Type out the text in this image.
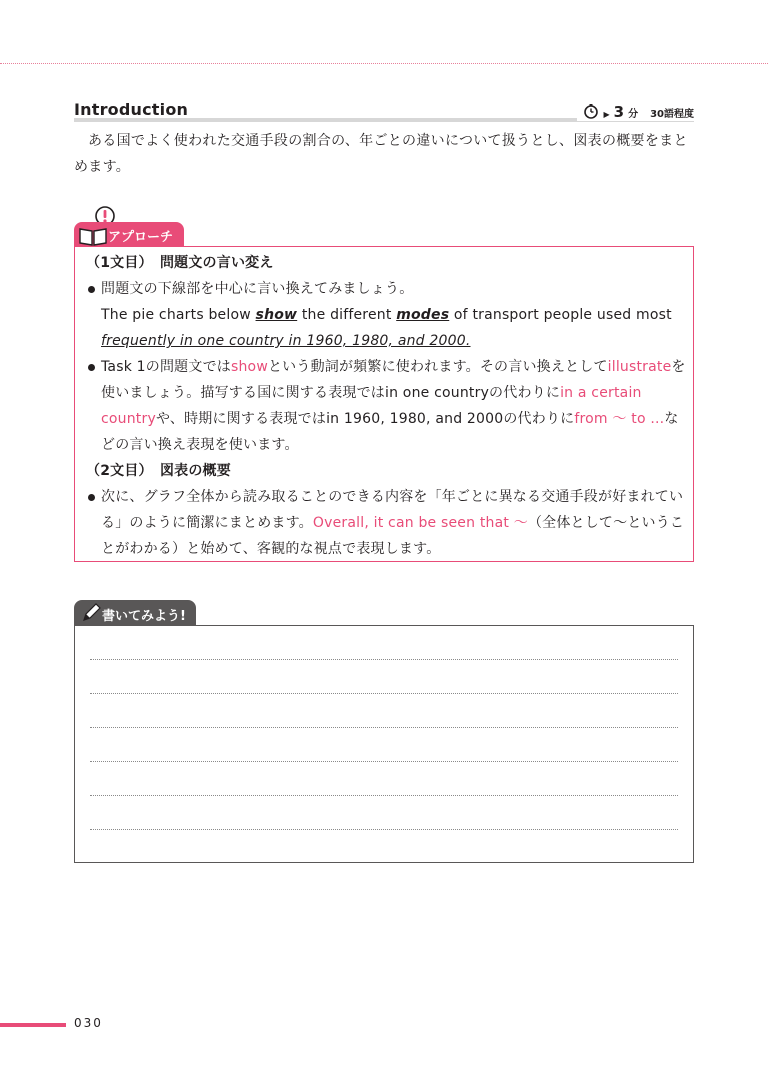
Introduction	▶ 3 分 30語程度
ある国でよく使われた交通手段の割合の、年ごとの違いについて扱うとし、図表の概要をまとめます。
アプローチ

（1文目）　問題文の言い変え

問題文の下線部を中心に言い換えてみましょう。

The pie charts below show the different modes of transport people used most frequently in one country in 1960, 1980, and 2000.

Task 1の問題文ではshowという動詞が頻繁に使われます。その言い換えとしてillustrateを使いましょう。描写する国に関する表現ではin one countryの代わりにin a certain countryや、時期に関する表現ではin 1960, 1980, and 2000の代わりにfrom ～ to ...などの言い換え表現を使います。

（2文目）　図表の概要

次に、グラフ全体から読み取ることのできる内容を「年ごとに異なる交通手段が好まれている」のように簡潔にまとめます。Overall, it can be seen that ～（全体として～ということがわかる）と始めて、客観的な視点で表現します。

書いてみよう!
030
